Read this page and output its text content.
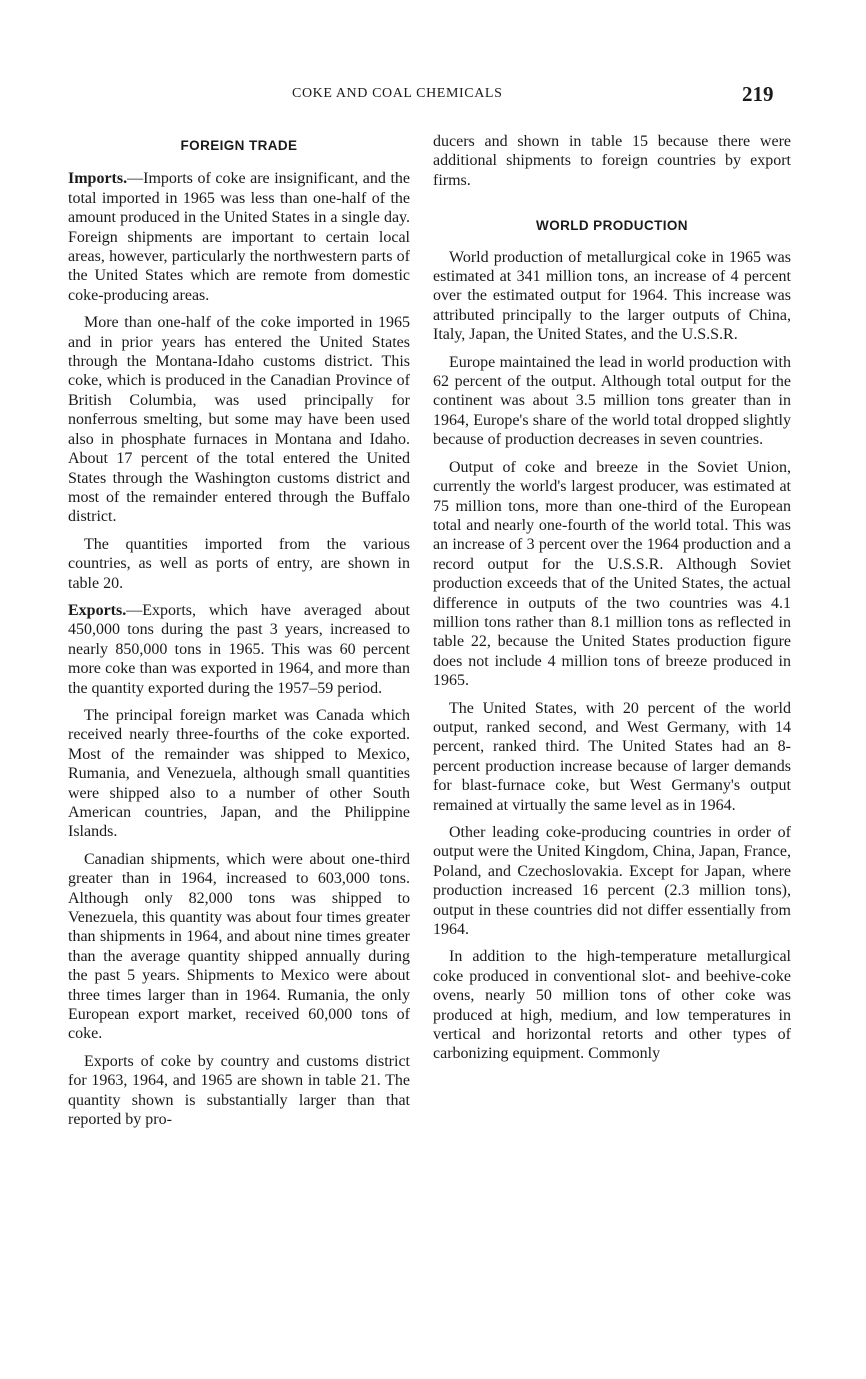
COKE AND COAL CHEMICALS	219
FOREIGN TRADE

Imports.—Imports of coke are insignificant, and the total imported in 1965 was less than one-half of the amount produced in the United States in a single day. Foreign shipments are important to certain local areas, however, particularly the northwestern parts of the United States which are remote from domestic coke-producing areas.

More than one-half of the coke imported in 1965 and in prior years has entered the United States through the Montana-Idaho customs district. This coke, which is produced in the Canadian Province of British Columbia, was used principally for nonferrous smelting, but some may have been used also in phosphate furnaces in Montana and Idaho. About 17 percent of the total entered the United States through the Washington customs district and most of the remainder entered through the Buffalo district.

The quantities imported from the various countries, as well as ports of entry, are shown in table 20.

Exports.—Exports, which have averaged about 450,000 tons during the past 3 years, increased to nearly 850,000 tons in 1965. This was 60 percent more coke than was exported in 1964, and more than the quantity exported during the 1957–59 period.

The principal foreign market was Canada which received nearly three-fourths of the coke exported. Most of the remainder was shipped to Mexico, Rumania, and Venezuela, although small quantities were shipped also to a number of other South American countries, Japan, and the Philippine Islands.

Canadian shipments, which were about one-third greater than in 1964, increased to 603,000 tons. Although only 82,000 tons was shipped to Venezuela, this quantity was about four times greater than shipments in 1964, and about nine times greater than the average quantity shipped annually during the past 5 years. Shipments to Mexico were about three times larger than in 1964. Rumania, the only European export market, received 60,000 tons of coke.

Exports of coke by country and customs district for 1963, 1964, and 1965 are shown in table 21. The quantity shown is substantially larger than that reported by pro-

ducers and shown in table 15 because there were additional shipments to foreign countries by export firms.

WORLD PRODUCTION

World production of metallurgical coke in 1965 was estimated at 341 million tons, an increase of 4 percent over the estimated output for 1964. This increase was attributed principally to the larger outputs of China, Italy, Japan, the United States, and the U.S.S.R.

Europe maintained the lead in world production with 62 percent of the output. Although total output for the continent was about 3.5 million tons greater than in 1964, Europe's share of the world total dropped slightly because of production decreases in seven countries.

Output of coke and breeze in the Soviet Union, currently the world's largest producer, was estimated at 75 million tons, more than one-third of the European total and nearly one-fourth of the world total. This was an increase of 3 percent over the 1964 production and a record output for the U.S.S.R. Although Soviet production exceeds that of the United States, the actual difference in outputs of the two countries was 4.1 million tons rather than 8.1 million tons as reflected in table 22, because the United States production figure does not include 4 million tons of breeze produced in 1965.

The United States, with 20 percent of the world output, ranked second, and West Germany, with 14 percent, ranked third. The United States had an 8-percent production increase because of larger demands for blast-furnace coke, but West Germany's output remained at virtually the same level as in 1964.

Other leading coke-producing countries in order of output were the United Kingdom, China, Japan, France, Poland, and Czechoslovakia. Except for Japan, where production increased 16 percent (2.3 million tons), output in these countries did not differ essentially from 1964.

In addition to the high-temperature metallurgical coke produced in conventional slot- and beehive-coke ovens, nearly 50 million tons of other coke was produced at high, medium, and low temperatures in vertical and horizontal retorts and other types of carbonizing equipment. Commonly
